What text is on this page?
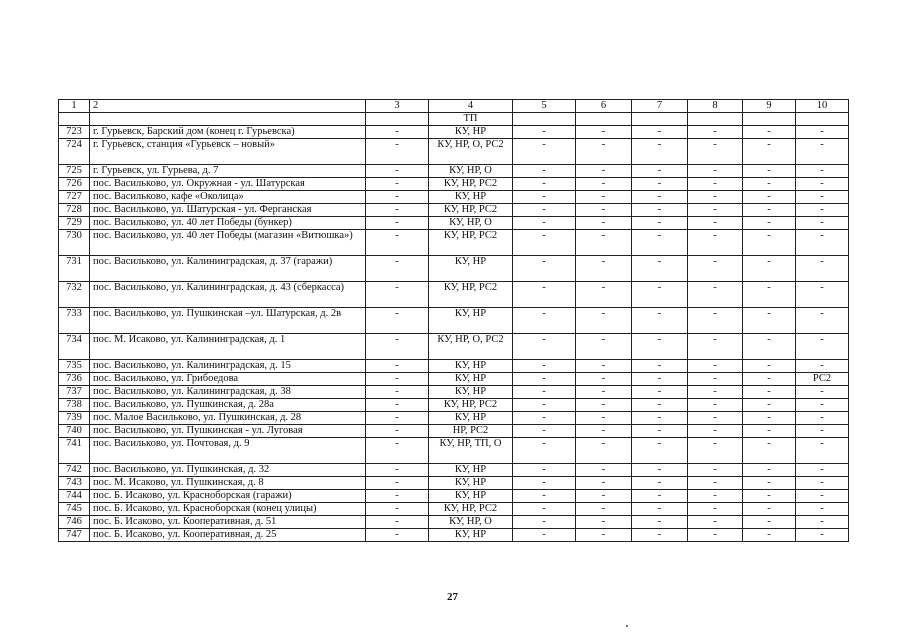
1	2	3	4	5	6	7	8	9	10
			ТП						
723	г. Гурьевск, Барский дом (конец г. Гурьевска)	-	КУ, НР	-	-	-	-	-	-
724	г. Гурьевск, станция «Гурьевск – новый»	-	КУ, НР, О, РС2	-	-	-	-	-	-
725	г. Гурьевск, ул. Гурьева, д. 7	-	КУ, НР, О	-	-	-	-	-	-
726	пос. Васильково, ул. Окружная - ул. Шатурская	-	КУ, НР, РС2	-	-	-	-	-	-
727	пос. Васильково, кафе «Околица»	-	КУ, НР	-	-	-	-	-	-
728	пос. Васильково, ул. Шатурская - ул. Ферганская	-	КУ, НР, РС2	-	-	-	-	-	-
729	пос. Васильково, ул. 40 лет Победы (бункер)	-	КУ, НР, О	-	-	-	-	-	-
730	пос. Васильково, ул. 40 лет Победы (магазин «Витюшка»)	-	КУ, НР, РС2	-	-	-	-	-	-
731	пос. Васильково, ул. Калининградская, д. 37 (гаражи)	-	КУ, НР	-	-	-	-	-	-
732	пос. Васильково, ул. Калининградская, д. 43 (сберкасса)	-	КУ, НР, РС2	-	-	-	-	-	-
733	пос. Васильково, ул. Пушкинская –ул. Шатурская, д. 2в	-	КУ, НР	-	-	-	-	-	-
734	пос. М. Исаково, ул. Калининградская, д. 1	-	КУ, НР, О, РС2	-	-	-	-	-	-
735	пос. Васильково, ул. Калининградская, д. 15	-	КУ, НР	-	-	-	-	-	-
736	пос. Васильково, ул. Грибоедова	-	КУ, НР	-	-	-	-	-	РС2
737	пос. Васильково, ул. Калининградская, д. 38	-	КУ, НР	-	-	-	-	-	-
738	пос. Васильково, ул. Пушкинская, д. 28а	-	КУ, НР, РС2	-	-	-	-	-	-
739	пос. Малое Васильково, ул. Пушкинская, д. 28	-	КУ, НР	-	-	-	-	-	-
740	пос. Васильково, ул. Пушкинская - ул. Луговая	-	НР, РС2	-	-	-	-	-	-
741	пос. Васильково, ул. Почтовая, д. 9	-	КУ, НР, ТП, О	-	-	-	-	-	-
742	пос. Васильково, ул. Пушкинская, д. 32	-	КУ, НР	-	-	-	-	-	-
743	пос. М. Исаково, ул. Пушкинская, д. 8	-	КУ, НР	-	-	-	-	-	-
744	пос. Б. Исаково, ул. Красноборская (гаражи)	-	КУ, НР	-	-	-	-	-	-
745	пос. Б. Исаково, ул. Красноборская (конец улицы)	-	КУ, НР, РС2	-	-	-	-	-	-
746	пос. Б. Исаково, ул. Кооперативная, д. 51	-	КУ, НР, О	-	-	-	-	-	-
747	пос. Б. Исаково, ул. Кооперативная, д. 25	-	КУ, НР	-	-	-	-	-	-
27
